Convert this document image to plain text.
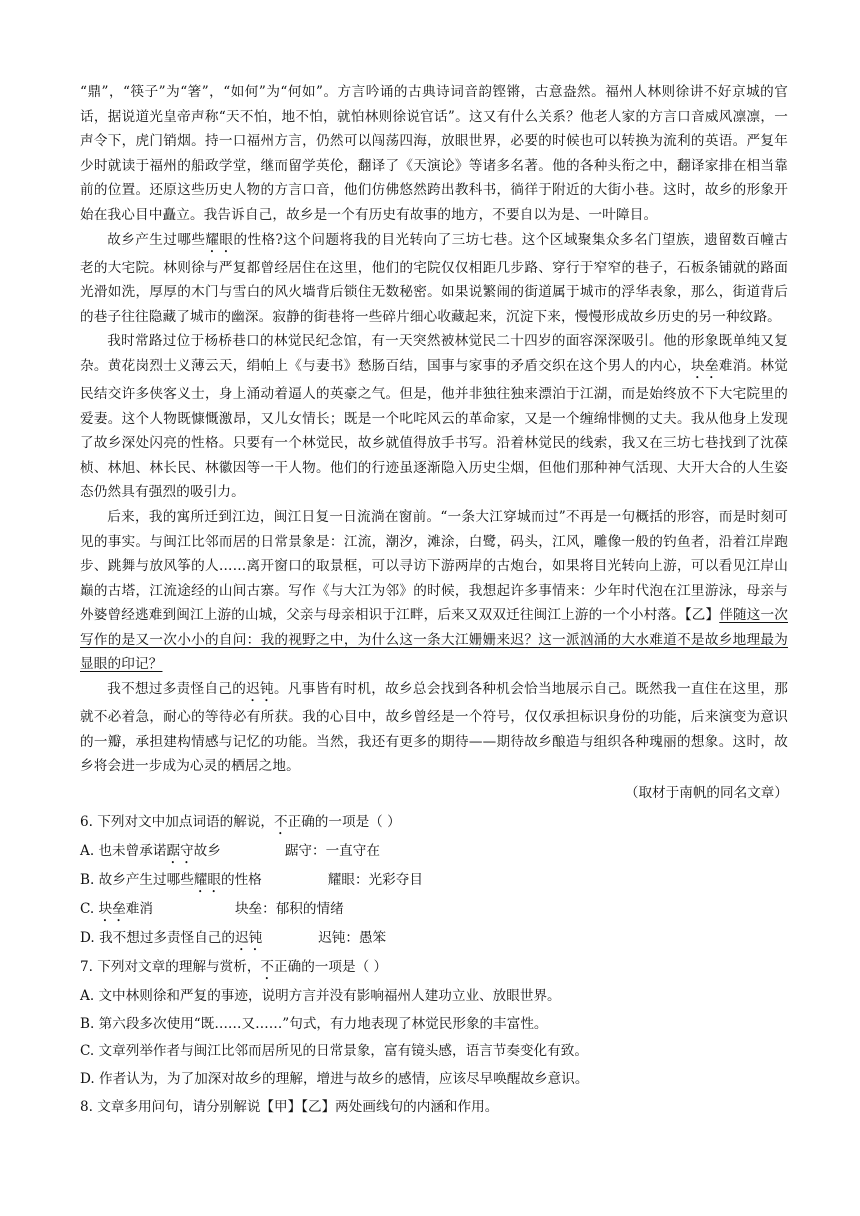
“鼎”，“筷子”为“箸”，“如何”为“何如”。方言吟诵的古典诗词音韵铿锵，古意盎然。福州人林则徐讲不好京城的官话，据说道光皇帝声称“天不怕，地不怕，就怕林则徐说官话”。这又有什么关系？他老人家的方言口音威风凛凛，一声令下，虎门销烟。持一口福州方言，仍然可以闯荡四海，放眼世界，必要的时候也可以转换为流利的英语。严复年少时就读于福州的船政学堂，继而留学英伦，翻译了《天演论》等诸多名著。他的各种头衔之中，翻译家排在相当靠前的位置。还原这些历史人物的方言口音，他们仿佛悠然跨出教科书，徜徉于附近的大街小巷。这时，故乡的形象开始在我心目中矗立。我告诉自己，故乡是一个有历史有故事的地方，不要自以为是、一叶障目。

故乡产生过哪些耀眼的性格?这个问题将我的目光转向了三坊七巷。这个区域聚集众多名门望族，遗留数百幢古老的大宅院。林则徐与严复都曾经居住在这里，他们的宅院仅仅相距几步路、穿行于窄窄的巷子，石板条铺就的路面光滑如洗，厚厚的木门与雪白的风火墙背后锁住无数秘密。如果说繁闹的街道属于城市的浮华表象，那么，街道背后的巷子往往隐藏了城市的幽深。寂静的街巷将一些碎片细心收藏起来，沉淀下来，慢慢形成故乡历史的另一种纹路。

我时常路过位于杨桥巷口的林觉民纪念馆，有一天突然被林觉民二十四岁的面容深深吸引。他的形象既单纯又复杂。黄花岗烈士义薄云天，绢帕上《与妻书》愁肠百结，国事与家事的矛盾交织在这个男人的内心，块垒难消。林觉民结交许多侠客义士，身上涌动着逼人的英豪之气。但是，他并非独往独来漂泊于江湖，而是始终放不下大宅院里的爱妻。这个人物既慷慨激昂，又儿女情长；既是一个叱咤风云的革命家，又是一个缠绵悱恻的丈夫。我从他身上发现了故乡深处闪亮的性格。只要有一个林觉民，故乡就值得放手书写。沿着林觉民的线索，我又在三坊七巷找到了沈葆桢、林旭、林长民、林徽因等一干人物。他们的行迹虽逐渐隐入历史尘烟，但他们那种神气活现、大开大合的人生姿态仍然具有强烈的吸引力。

后来，我的寓所迁到江边，闽江日复一日流淌在窗前。“一条大江穿城而过”不再是一句概括的形容，而是时刻可见的事实。与闽江比邻而居的日常景象是：江流，潮汐，滩涂，白鹭，码头，江风，雕像一般的钓鱼者，沿着江岸跑步、跳舞与放风筝的人……离开窗口的取景框，可以寻访下游两岸的古炮台，如果将目光转向上游，可以看见江岸山巅的古塔，江流途经的山间古寨。写作《与大江为邻》的时候，我想起许多事情来：少年时代泡在江里游泳，母亲与外婆曾经逃难到闽江上游的山城，父亲与母亲相识于江畔，后来又双双迁往闽江上游的一个小村落。【乙】伴随这一次写作的是又一次小小的自问：我的视野之中，为什么这一条大江姗姗来迟？这一派汹涌的大水难道不是故乡地理最为显眼的印记？

我不想过多责怪自己的迟钝。凡事皆有时机，故乡总会找到各种机会恰当地展示自己。既然我一直住在这里，那就不必着急，耐心的等待必有所获。我的心目中，故乡曾经是一个符号，仅仅承担标识身份的功能，后来演变为意识的一瓣，承担建构情感与记忆的功能。当然，我还有更多的期待——期待故乡酿造与组织各种瑰丽的想象。这时，故乡将会进一步成为心灵的栖居之地。

（取材于南帆的同名文章）

6. 下列对文中加点词语的解说，不正确的一项是（ ）

A. 也未曾承诺踞守故乡	踞守：一直守在

B. 故乡产生过哪些耀眼的性格	耀眼：光彩夺目

C. 块垒难消	块垒：郁积的情绪

D. 我不想过多责怪自己的迟钝	迟钝：愚笨

7. 下列对文章的理解与赏析，不正确的一项是（ ）

A. 文中林则徐和严复的事迹，说明方言并没有影响福州人建功立业、放眼世界。

B. 第六段多次使用“既……又……”句式，有力地表现了林觉民形象的丰富性。

C. 文章列举作者与闽江比邻而居所见的日常景象，富有镜头感，语言节奏变化有致。

D. 作者认为，为了加深对故乡的理解，增进与故乡的感情，应该尽早唤醒故乡意识。

8. 文章多用问句，请分别解说【甲】【乙】两处画线句的内涵和作用。
